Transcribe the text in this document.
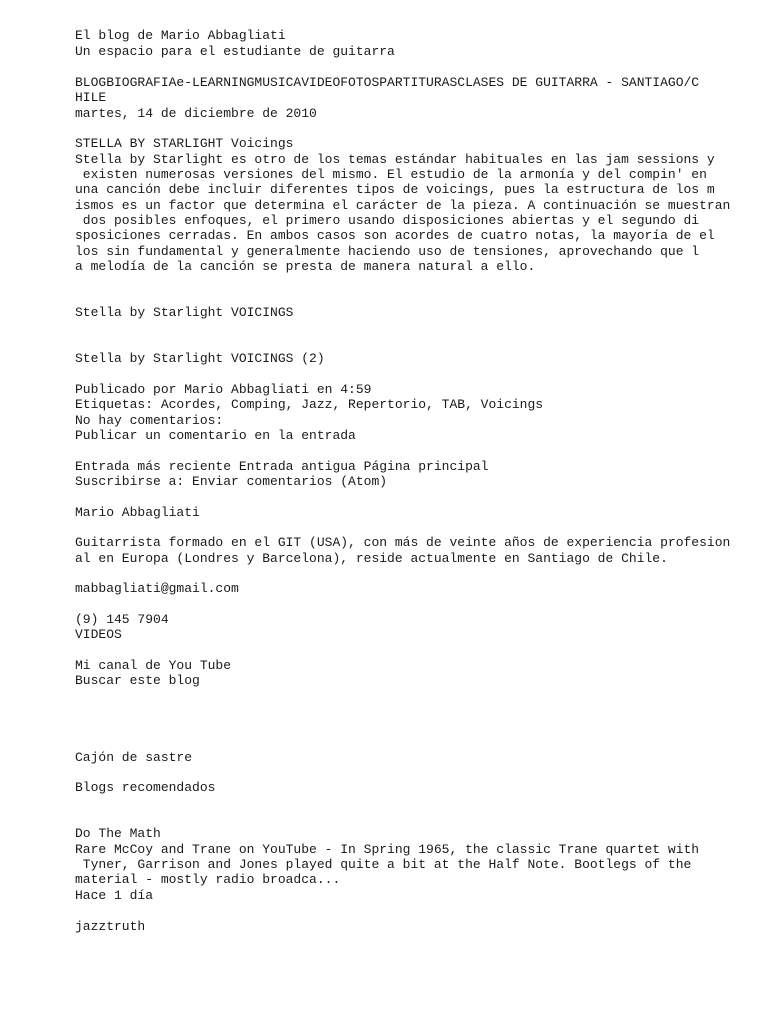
El blog de Mario Abbagliati
Un espacio para el estudiante de guitarra
BLOGBIOGRAFIAe-LEARNINGMUSICAVIDEOFOTOSPARTITURASCLASES DE GUITARRA - SANTIAGO/C
HILE
martes, 14 de diciembre de 2010
STELLA BY STARLIGHT Voicings
Stella by Starlight es otro de los temas estándar habituales en las jam sessions y
existen numerosas versiones del mismo. El estudio de la armonía y del compin' en
una canción debe incluir diferentes tipos de voicings, pues la estructura de los m
ismos es un factor que determina el carácter de la pieza. A continuación se muestran
dos posibles enfoques, el primero usando disposiciones abiertas y el segundo di
sposiciones cerradas. En ambos casos son acordes de cuatro notas, la mayoría de el
los sin fundamental y generalmente haciendo uso de tensiones, aprovechando que l
a melodía de la canción se presta de manera natural a ello.
Stella by Starlight VOICINGS
Stella by Starlight VOICINGS (2)
Publicado por Mario Abbagliati en 4:59
Etiquetas: Acordes, Comping, Jazz, Repertorio, TAB, Voicings
No hay comentarios:
Publicar un comentario en la entrada
Entrada más reciente Entrada antigua Página principal
Suscribirse a: Enviar comentarios (Atom)
Mario Abbagliati
Guitarrista formado en el GIT (USA), con más de veinte años de experiencia profesion
al en Europa (Londres y Barcelona), reside actualmente en Santiago de Chile.
mabbagliati@gmail.com
(9) 145 7904
VIDEOS
Mi canal de You Tube
Buscar este blog
Cajón de sastre
Blogs recomendados
Do The Math
Rare McCoy and Trane on YouTube - In Spring 1965, the classic Trane quartet with
Tyner, Garrison and Jones played quite a bit at the Half Note. Bootlegs of the
material - mostly radio broadca...
Hace 1 día
jazztruth
